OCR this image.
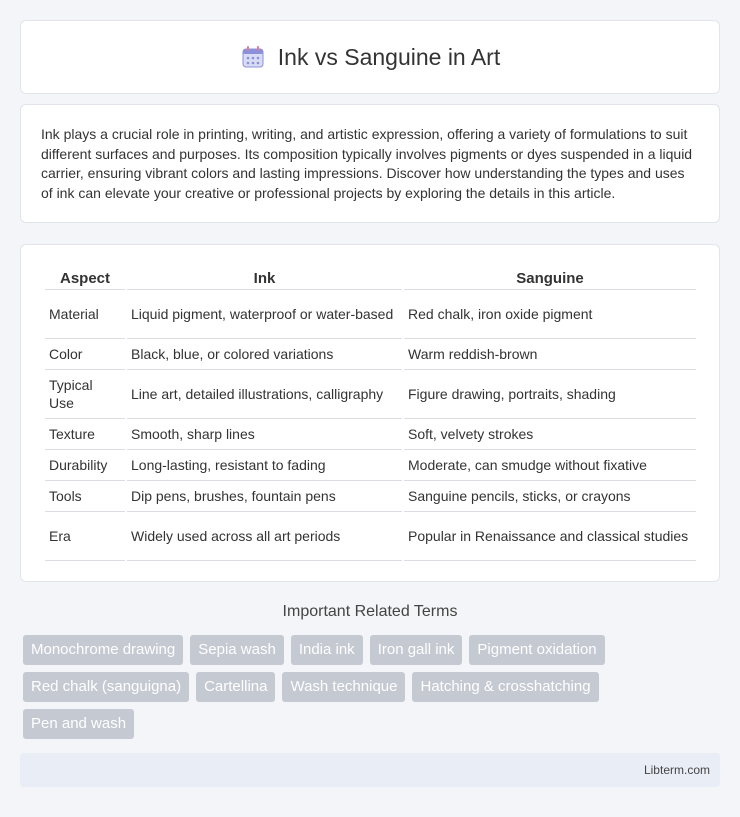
Ink vs Sanguine in Art

Ink plays a crucial role in printing, writing, and artistic expression, offering a variety of formulations to suit different surfaces and purposes. Its composition typically involves pigments or dyes suspended in a liquid carrier, ensuring vibrant colors and lasting impressions. Discover how understanding the types and uses of ink can elevate your creative or professional projects by exploring the details in this article.

Aspect	Ink	Sanguine
Material	Liquid pigment, waterproof or water-based	Red chalk, iron oxide pigment
Color	Black, blue, or colored variations	Warm reddish-brown
Typical Use	Line art, detailed illustrations, calligraphy	Figure drawing, portraits, shading
Texture	Smooth, sharp lines	Soft, velvety strokes
Durability	Long-lasting, resistant to fading	Moderate, can smudge without fixative
Tools	Dip pens, brushes, fountain pens	Sanguine pencils, sticks, or crayons
Era	Widely used across all art periods	Popular in Renaissance and classical studies
Important Related Terms
Monochrome drawing	Sepia wash	India ink	Iron gall ink	Pigment oxidation
Red chalk (sanguigna)	Cartellina	Wash technique	Hatching & crosshatching
Pen and wash
Libterm.com
